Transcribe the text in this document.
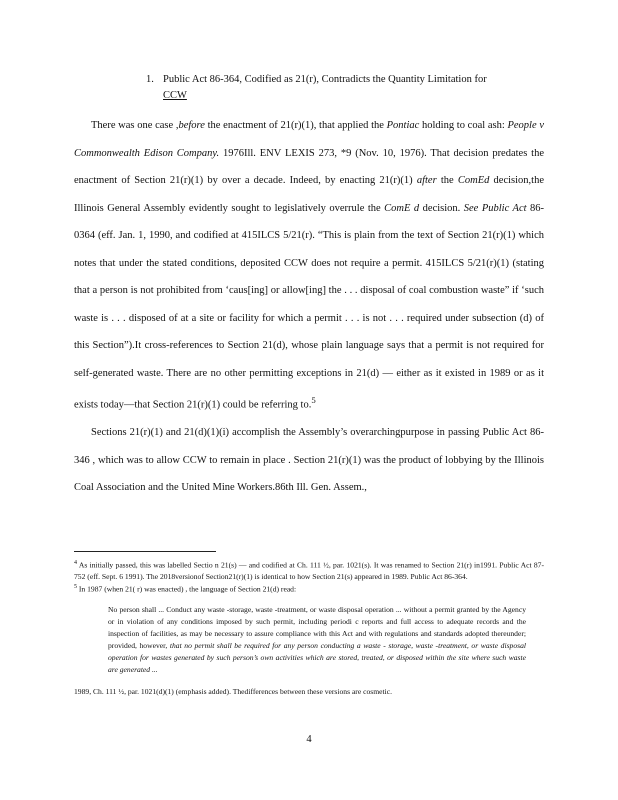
1. Public Act 86-364, Codified as 21(r), Contradicts the Quantity Limitation for
CCW

There was one case ,before the enactment of 21(r)(1), that applied the Pontiac holding to coal ash: People v Commonwealth Edison Company. 1976Ill. ENV LEXIS 273, *9 (Nov. 10, 1976). That decision predates the enactment of Section 21(r)(1) by over a decade. Indeed, by enacting 21(r)(1) after the ComEd decision,the Illinois General Assembly evidently sought to legislatively overrule the ComE d decision. See Public Act 86- 0364 (eff. Jan. 1, 1990, and codified at 415ILCS 5/21(r). “This is plain from the text of Section 21(r)(1) which notes that under the stated conditions, deposited CCW does not require a permit. 415ILCS 5/21(r)(1) (stating that a person is not prohibited from ‘caus[ing] or allow[ing] the . . . disposal of coal combustion waste” if ‘such waste is . . . disposed of at a site or facility for which a permit . . . is not . . . required under subsection (d) of this Section”).It cross-references to Section 21(d), whose plain language says that a permit is not required for self-generated waste. There are no other permitting exceptions in 21(d) — either as it existed in 1989 or as it exists today—that Section 21(r)(1) could be referring to.$^5$

Sections 21(r)(1) and 21(d)(1)(i) accomplish the Assembly’s overarchingpurpose in passing Public Act 86-346 , which was to allow CCW to remain in place . Section 21(r)(1) was the product of lobbying by the Illinois Coal Association and the United Mine Workers.86th Ill. Gen. Assem.,

$^4$ As initially passed, this was labelled Sectio n 21(s) — and codified at Ch. 111 ½, par. 1021(s). It was renamed to Section 21(r) in1991. Public Act 87-752 (eff. Sept. 6 1991). The 2018versionof Section21(r)(1) is identical to how Section 21(s) appeared in 1989. Public Act 86-364.

$^5$ In 1987 (when 21( r) was enacted) , the language of Section 21(d) read:

No person shall ... Conduct any waste -storage, waste -treatment, or waste disposal operation ... without a permit granted by the Agency or in violation of any conditions imposed by such permit, including periodi c reports and full access to adequate records and the inspection of facilities, as may be necessary to assure compliance with this Act and with regulations and standards adopted thereunder; provided, however, that no permit shall be required for any person conducting a waste - storage, waste -treatment, or waste disposal operation for wastes generated by such person’s own activities which are stored, treated, or disposed within the site where such waste are generated ...

1989, Ch. 111 ½, par. 1021(d)(1) (emphasis added). Thedifferences between these versions are cosmetic.

4
